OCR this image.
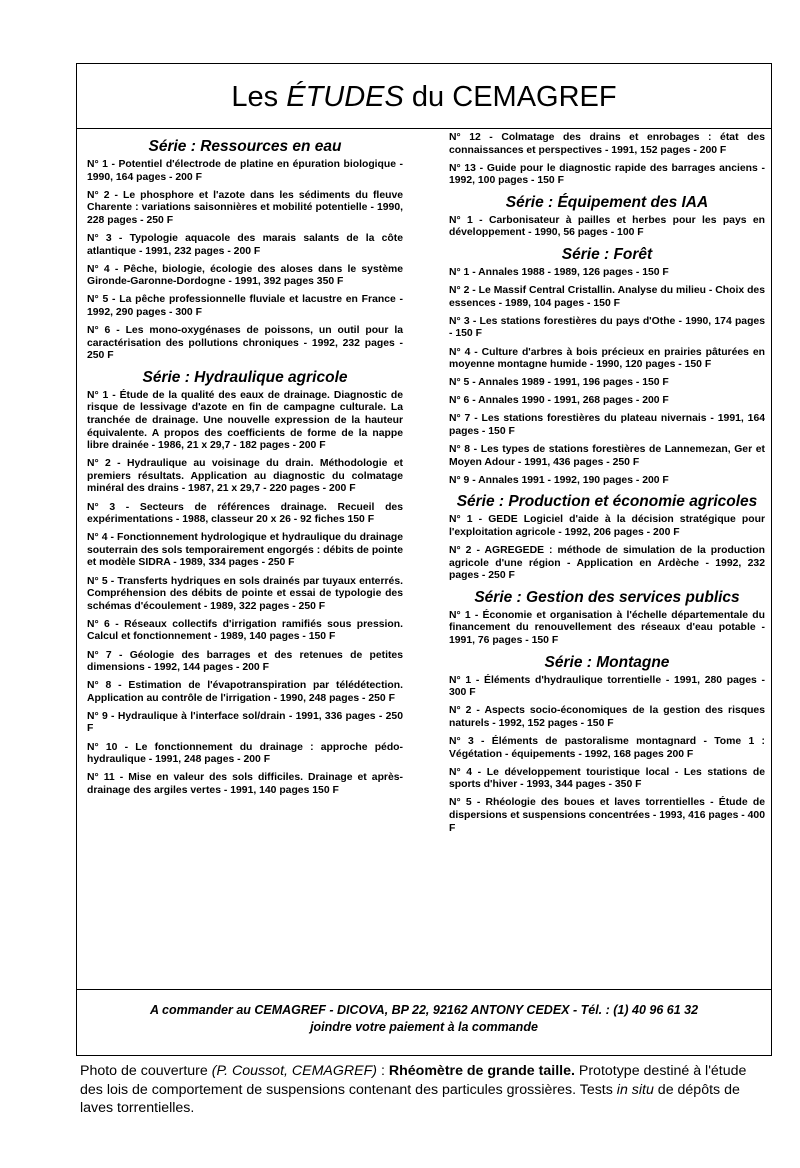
Les ÉTUDES du CEMAGREF
Série : Ressources en eau
N° 1 - Potentiel d'électrode de platine en épuration biologique - 1990, 164 pages - 200 F
N° 2 - Le phosphore et l'azote dans les sédiments du fleuve Charente : variations saisonnières et mobilité potentielle - 1990, 228 pages - 250 F
N° 3 - Typologie aquacole des marais salants de la côte atlantique - 1991, 232 pages - 200 F
N° 4 - Pêche, biologie, écologie des aloses dans le système Gironde-Garonne-Dordogne - 1991, 392 pages 350 F
N° 5 - La pêche professionnelle fluviale et lacustre en France - 1992, 290 pages - 300 F
N° 6 - Les mono-oxygénases de poissons, un outil pour la caractérisation des pollutions chroniques - 1992, 232 pages - 250 F
Série : Hydraulique agricole
N° 1 - Étude de la qualité des eaux de drainage. Diagnostic de risque de lessivage d'azote en fin de campagne culturale. La tranchée de drainage. Une nouvelle expression de la hauteur équivalente. A propos des coefficients de forme de la nappe libre drainée - 1986, 21 x 29,7 - 182 pages - 200 F
N° 2 - Hydraulique au voisinage du drain. Méthodologie et premiers résultats. Application au diagnostic du colmatage minéral des drains - 1987, 21 x 29,7 - 220 pages - 200 F
N° 3 - Secteurs de références drainage. Recueil des expérimentations - 1988, classeur 20 x 26 - 92 fiches 150 F
N° 4 - Fonctionnement hydrologique et hydraulique du drainage souterrain des sols temporairement engorgés : débits de pointe et modèle SIDRA - 1989, 334 pages - 250 F
N° 5 - Transferts hydriques en sols drainés par tuyaux enterrés. Compréhension des débits de pointe et essai de typologie des schémas d'écoulement - 1989, 322 pages - 250 F
N° 6 - Réseaux collectifs d'irrigation ramifiés sous pression. Calcul et fonctionnement - 1989, 140 pages - 150 F
N° 7 - Géologie des barrages et des retenues de petites dimensions - 1992, 144 pages - 200 F
N° 8 - Estimation de l'évapotranspiration par télédétection. Application au contrôle de l'irrigation - 1990, 248 pages - 250 F
N° 9 - Hydraulique à l'interface sol/drain - 1991, 336 pages - 250 F
N° 10 - Le fonctionnement du drainage : approche pédo-hydraulique - 1991, 248 pages - 200 F
N° 11 - Mise en valeur des sols difficiles. Drainage et après-drainage des argiles vertes - 1991, 140 pages 150 F
N° 12 - Colmatage des drains et enrobages : état des connaissances et perspectives - 1991, 152 pages - 200 F
N° 13 - Guide pour le diagnostic rapide des barrages anciens - 1992, 100 pages - 150 F
Série : Équipement des IAA
N° 1 - Carbonisateur à pailles et herbes pour les pays en développement - 1990, 56 pages - 100 F
Série : Forêt
N° 1 - Annales 1988 - 1989, 126 pages - 150 F
N° 2 - Le Massif Central Cristallin. Analyse du milieu - Choix des essences - 1989, 104 pages - 150 F
N° 3 - Les stations forestières du pays d'Othe - 1990, 174 pages - 150 F
N° 4 - Culture d'arbres à bois précieux en prairies pâturées en moyenne montagne humide - 1990, 120 pages - 150 F
N° 5 - Annales 1989 - 1991, 196 pages - 150 F
N° 6 - Annales 1990 - 1991, 268 pages - 200 F
N° 7 - Les stations forestières du plateau nivernais - 1991, 164 pages - 150 F
N° 8 - Les types de stations forestières de Lannemezan, Ger et Moyen Adour - 1991, 436 pages - 250 F
N° 9 - Annales 1991 - 1992, 190 pages - 200 F
Série : Production et économie agricoles
N° 1 - GEDE Logiciel d'aide à la décision stratégique pour l'exploitation agricole - 1992, 206 pages - 200 F
N° 2 - AGREGEDE : méthode de simulation de la production agricole d'une région - Application en Ardèche - 1992, 232 pages - 250 F
Série : Gestion des services publics
N° 1 - Économie et organisation à l'échelle départementale du financement du renouvellement des réseaux d'eau potable - 1991, 76 pages - 150 F
Série : Montagne
N° 1 - Éléments d'hydraulique torrentielle - 1991, 280 pages - 300 F
N° 2 - Aspects socio-économiques de la gestion des risques naturels - 1992, 152 pages - 150 F
N° 3 - Éléments de pastoralisme montagnard - Tome 1 : Végétation - équipements - 1992, 168 pages 200 F
N° 4 - Le développement touristique local - Les stations de sports d'hiver - 1993, 344 pages - 350 F
N° 5 - Rhéologie des boues et laves torrentielles - Étude de dispersions et suspensions concentrées - 1993, 416 pages - 400 F
A commander au CEMAGREF - DICOVA, BP 22, 92162 ANTONY CEDEX - Tél. : (1) 40 96 61 32
joindre votre paiement à la commande
Photo de couverture (P. Coussot, CEMAGREF) : Rhéomètre de grande taille. Prototype destiné à l'étude des lois de comportement de suspensions contenant des particules grossières. Tests in situ de dépôts de laves torrentielles.
